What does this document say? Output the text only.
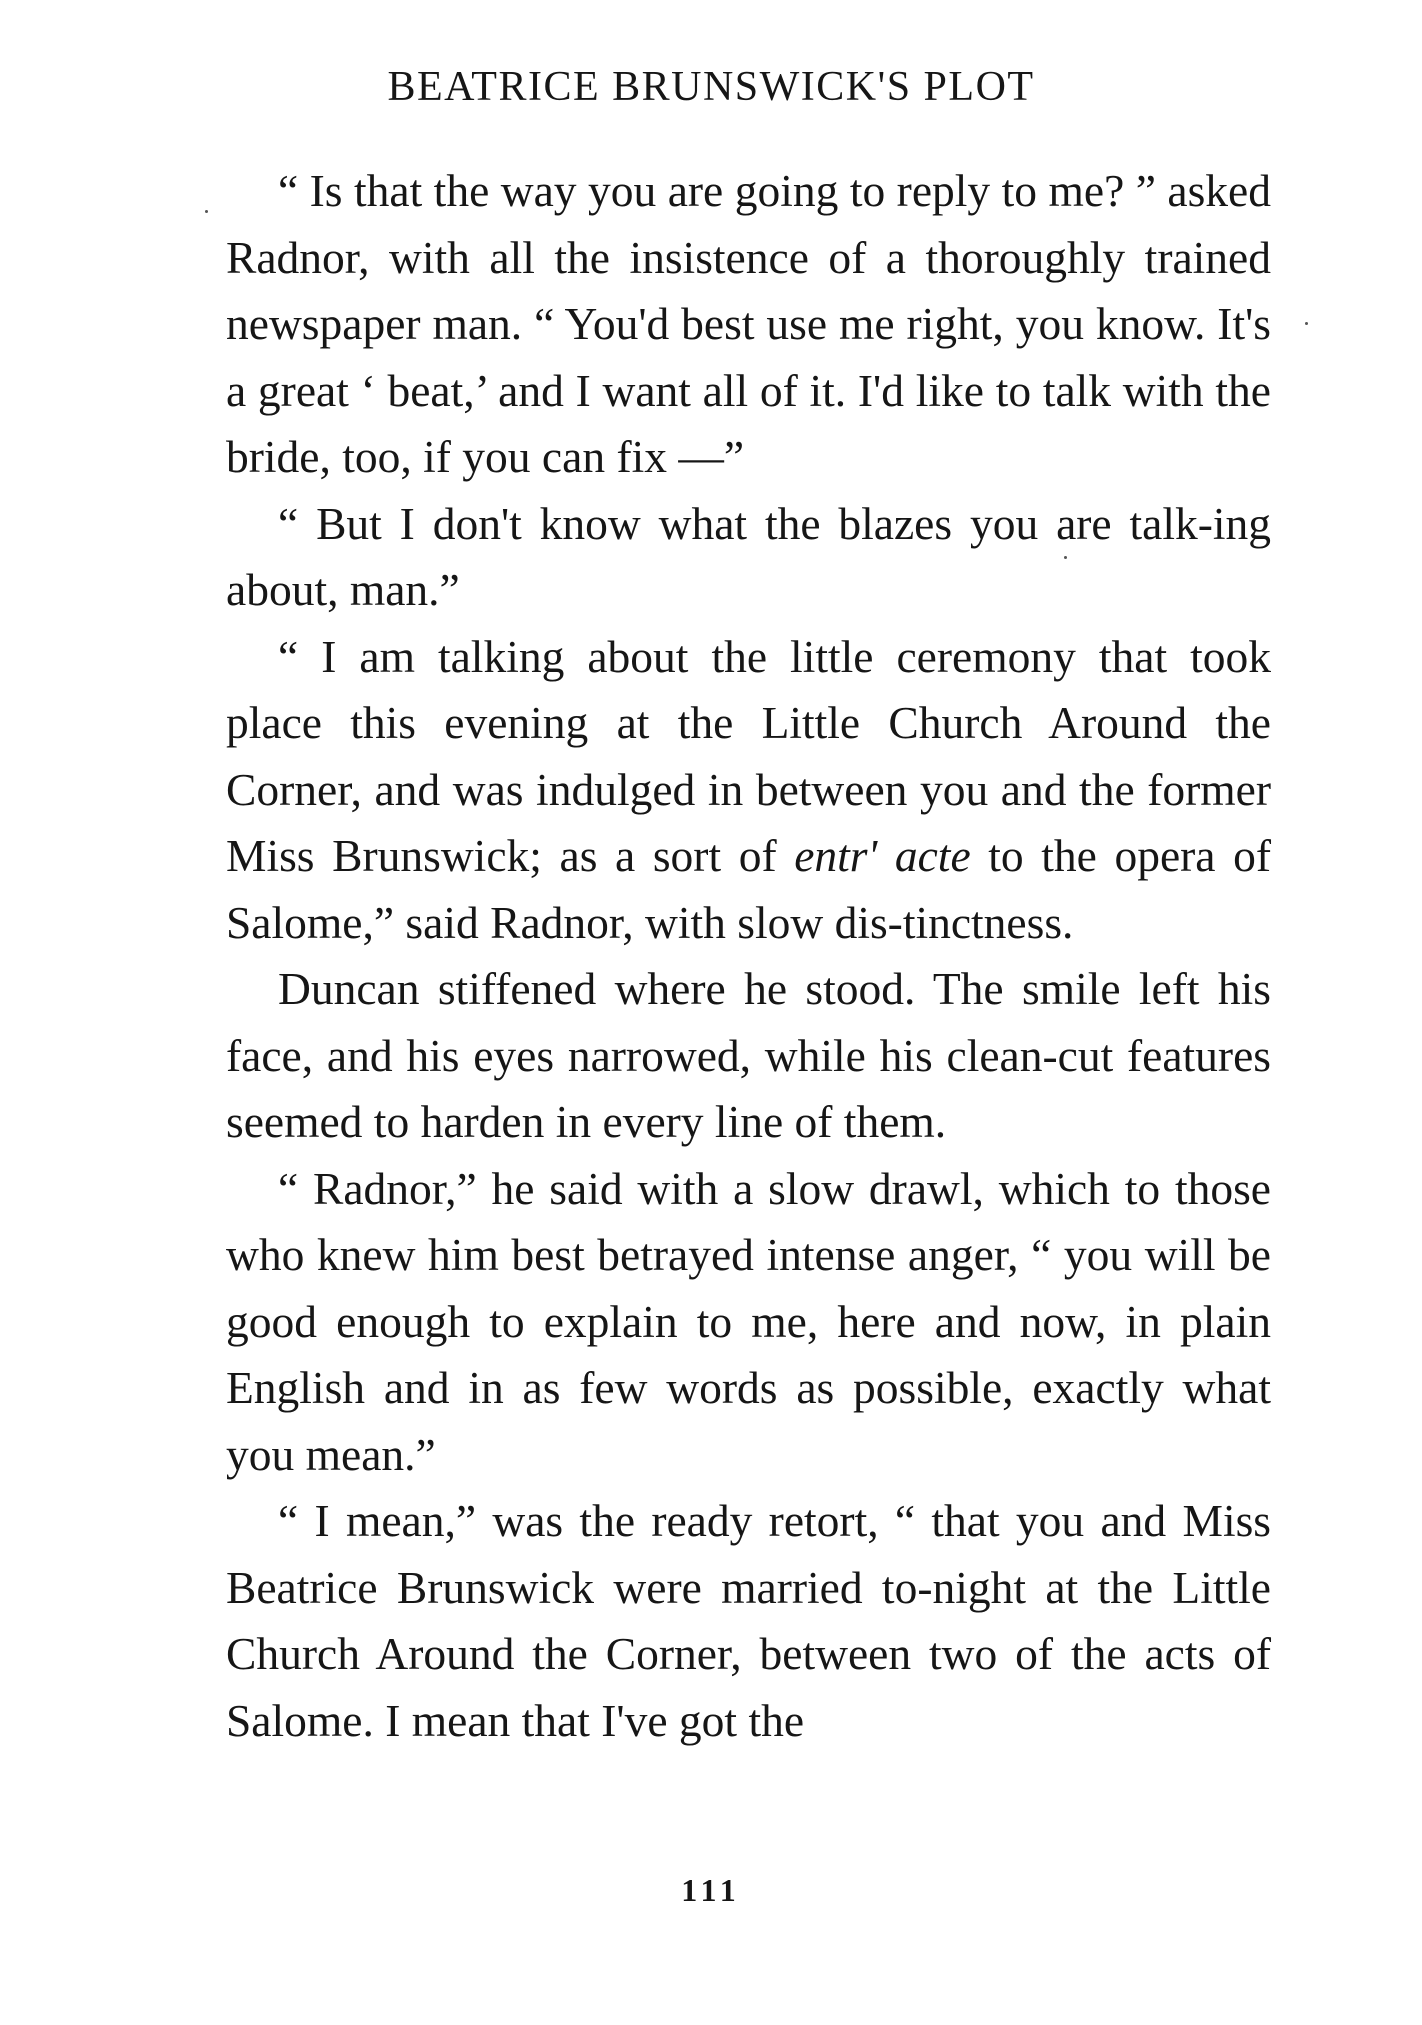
BEATRICE BRUNSWICK'S PLOT

“ Is that the way you are going to reply to me? ” asked Radnor, with all the insistence of a thoroughly trained newspaper man. “ You'd best use me right, you know. It's a great ‘ beat,’ and I want all of it. I'd like to talk with the bride, too, if you can fix —”

“ But I don't know what the blazes you are talk-ing about, man.”

“ I am talking about the little ceremony that took place this evening at the Little Church Around the Corner, and was indulged in between you and the former Miss Brunswick; as a sort of entr' acte to the opera of Salome,” said Radnor, with slow dis-tinctness.

Duncan stiffened where he stood. The smile left his face, and his eyes narrowed, while his clean-cut features seemed to harden in every line of them.

“ Radnor,” he said with a slow drawl, which to those who knew him best betrayed intense anger, “ you will be good enough to explain to me, here and now, in plain English and in as few words as possible, exactly what you mean.”

“ I mean,” was the ready retort, “ that you and Miss Beatrice Brunswick were married to-night at the Little Church Around the Corner, between two of the acts of Salome. I mean that I've got the

111
